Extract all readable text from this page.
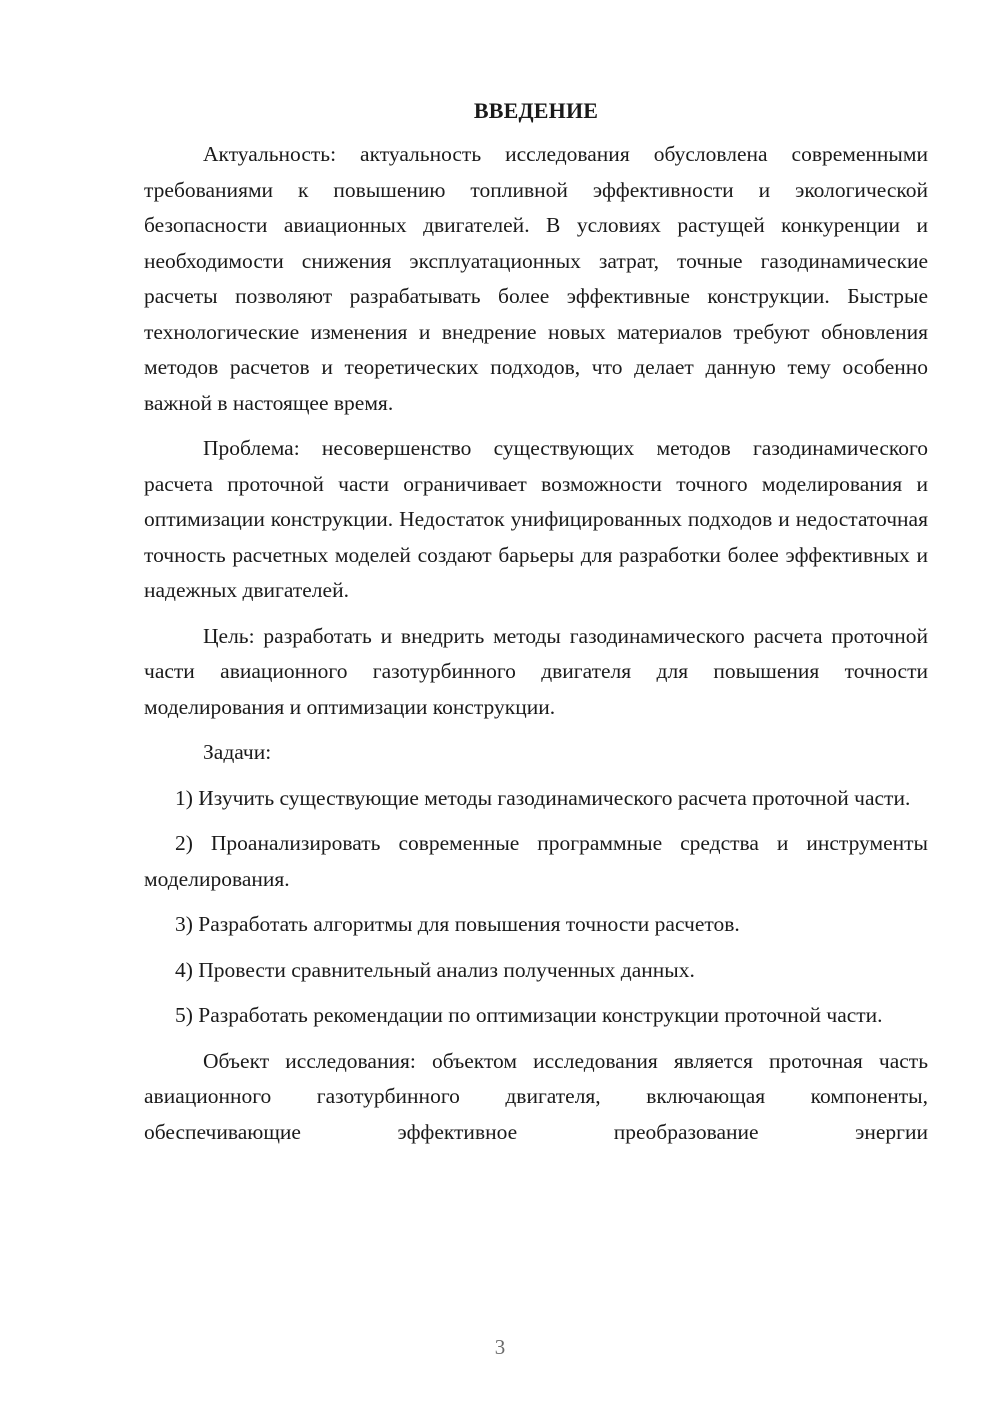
ВВЕДЕНИЕ

Актуальность: актуальность исследования обусловлена современными требованиями к повышению топливной эффективности и экологической безопасности авиационных двигателей. В условиях растущей конкуренции и необходимости снижения эксплуатационных затрат, точные газодинамические расчеты позволяют разрабатывать более эффективные конструкции. Быстрые технологические изменения и внедрение новых материалов требуют обновления методов расчетов и теоретических подходов, что делает данную тему особенно важной в настоящее время.

Проблема: несовершенство существующих методов газодинамического расчета проточной части ограничивает возможности точного моделирования и оптимизации конструкции. Недостаток унифицированных подходов и недостаточная точность расчетных моделей создают барьеры для разработки более эффективных и надежных двигателей.

Цель: разработать и внедрить методы газодинамического расчета проточной части авиационного газотурбинного двигателя для повышения точности моделирования и оптимизации конструкции.

Задачи:

1) Изучить существующие методы газодинамического расчета проточной части.

2) Проанализировать современные программные средства и инструменты моделирования.

3) Разработать алгоритмы для повышения точности расчетов.

4) Провести сравнительный анализ полученных данных.

5) Разработать рекомендации по оптимизации конструкции проточной части.

Объект исследования: объектом исследования является проточная часть авиационного газотурбинного двигателя, включающая компоненты, обеспечивающие эффективное преобразование энергии

3
